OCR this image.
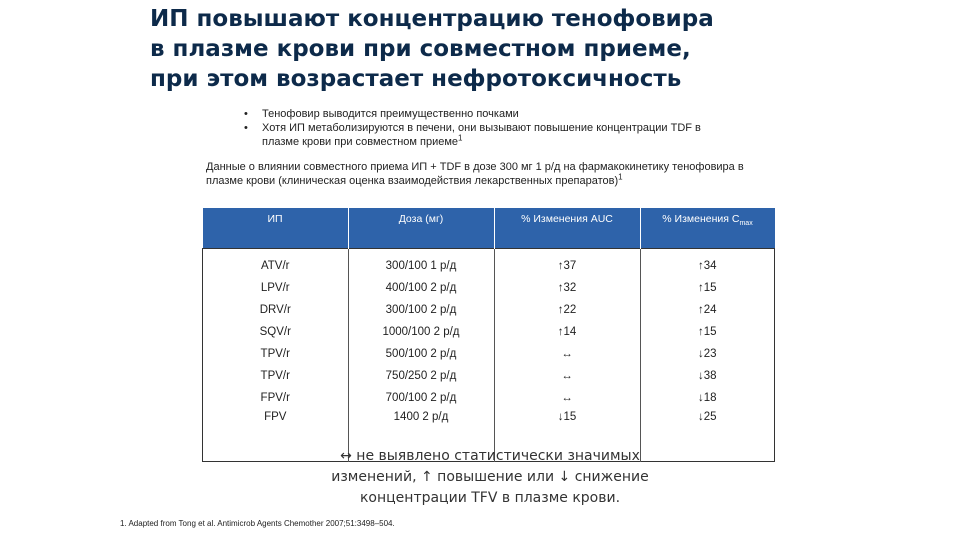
ИП повышают концентрацию тенофовира
в плазме крови при совместном приеме,
при этом возрастает нефротоксичность
• Тенофовир выводится преимущественно почками
• Хотя ИП метаболизируются в печени, они вызывают повышение концентрации TDF в плазме крови при совместном приеме$^1$
Данные о влиянии совместного приема ИП + TDF в дозе 300 мг 1 р/д на фармакокинетику тенофовира в плазме крови (клиническая оценка взаимодействия лекарственных препаратов)$^1$
ИП	Доза (мг)	% Изменения AUC	% Изменения $C_{max}$
ATV/r	300/100 1 р/д	↑37	↑34
LPV/r	400/100 2 р/д	↑32	↑15
DRV/r	300/100 2 р/д	↑22	↑24
SQV/r	1000/100 2 р/д	↑14	↑15
TPV/r	500/100 2 р/д	↔	↓23
TPV/r	750/250 2 р/д	↔	↓38
FPV/r	700/100 2 р/д	↔	↓18
FPV	1400 2 р/д	↓15	↓25
↔ не выявлено статистически значимых изменений, ↑ повышение или ↓ снижение концентрации TFV в плазме крови.
1. Adapted from Tong et al. Antimicrob Agents Chemother 2007;51:3498–504.
